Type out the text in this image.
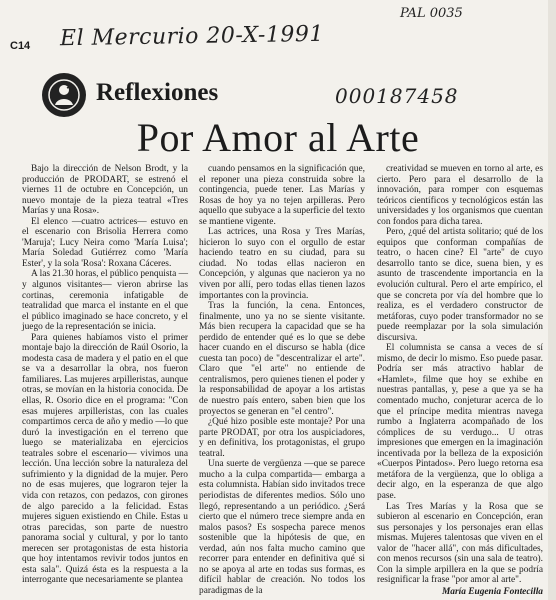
C14 El Mercurio 20-X-1991
PAL 0035
Reflexiones	000187458
Por Amor al Arte

Bajo la dirección de Nelson Brodt, y la producción de PRODART, se estrenó el viernes 11 de octubre en Concepción, un nuevo montaje de la pieza teatral «Tres Marías y una Rosa».

El elenco —cuatro actrices— estuvo en el escenario con Brisolia Herrera como 'Maruja'; Lucy Neira como 'María Luisa'; María Soledad Gutiérrez como 'María Ester', y la sola 'Rosa': Roxana Cáceres.

A las 21.30 horas, el público penquista —y algunos visitantes— vieron abrirse las cortinas, ceremonia infatigable de teatralidad que marca el instante en el que el público imaginado se hace concreto, y el juego de la representación se inicia.

Para quienes habíamos visto el primer montaje bajo la dirección de Raúl Osorio, la modesta casa de madera y el patio en el que se va a desarrollar la obra, nos fueron familiares. Las mujeres arpilleristas, aunque otras, se movían en la historia conocida. De ellas, R. Osorio dice en el programa: "Con esas mujeres arpilleristas, con las cuales compartimos cerca de año y medio —lo que duró la investigación en el terreno que luego se materializaba en ejercicios teatrales sobre el escenario— vivimos una lección. Una lección sobre la naturaleza del sufrimiento y la dignidad de la mujer. Pero no de esas mujeres, que lograron tejer la vida con retazos, con pedazos, con girones de algo parecido a la felicidad. Estas mujeres siguen existiendo en Chile. Estas u otras parecidas, son parte de nuestro panorama social y cultural, y por lo tanto merecen ser protagonistas de esta historia que hoy intentamos revivir todos juntos en esta sala". Quizá ésta es la respuesta a la interrogante que necesariamente se plantea

cuando pensamos en la significación que, el reponer una pieza construida sobre la contingencia, puede tener. Las Marías y Rosas de hoy ya no tejen arpilleras. Pero aquello que subyace a la superficie del texto se mantiene vigente.

Las actrices, una Rosa y Tres Marías, hicieron lo suyo con el orgullo de estar haciendo teatro en su ciudad, para su ciudad. No todas ellas nacieron en Concepción, y algunas que nacieron ya no viven por allí, pero todas ellas tienen lazos importantes con la provincia.

Tras la función, la cena. Entonces, finalmente, uno ya no se siente visitante. Más bien recupera la capacidad que se ha perdido de entender qué es lo que se debe hacer cuando en el discurso se habla (dice cuesta tan poco) de "descentralizar el arte". Claro que "el arte" no entiende de centralismos, pero quienes tienen el poder y la responsabilidad de apoyar a los artistas de nuestro país entero, saben bien que los proyectos se generan en "el centro".

¿Qué hizo posible este montaje? Por una parte PRODAT, por otra los auspiciadores, y en definitiva, los protagonistas, el grupo teatral.

Una suerte de vergüenza —que se parece mucho a la culpa compartida— embarga a esta columnista. Habían sido invitados trece periodistas de diferentes medios. Sólo uno llegó, representando a un periódico. ¿Será cierto que el número trece siempre anda en malos pasos? Es sospecha parece menos sostenible que la hipótesis de que, en verdad, aún nos falta mucho camino que recorrer para entender en definitiva qué si no se apoya al arte en todas sus formas, es difícil hablar de creación. No todos los paradigmas de la

creatividad se mueven en torno al arte, es cierto. Pero para el desarrollo de la innovación, para romper con esquemas teóricos científicos y tecnológicos están las universidades y los organismos que cuentan con fondos para dicha tarea.

Pero, ¿qué del artista solitario; qué de los equipos que conforman compañías de teatro, o hacen cine? El "arte" de cuyo desarrollo tanto se dice, suena bien, y es asunto de trascendente importancia en la evolución cultural. Pero el arte empírico, el que se concreta por vía del hombre que lo realiza, es el verdadero constructor de metáforas, cuyo poder transformador no se puede reemplazar por la sola simulación discursiva.

El columnista se cansa a veces de sí mismo, de decir lo mismo. Eso puede pasar. Podría ser más atractivo hablar de «Hamlet», filme que hoy se exhibe en nuestras pantallas, y, pese a que ya se ha comentado mucho, conjeturar acerca de lo que el príncipe medita mientras navega rumbo a Inglaterra acompañado de los cómplices de su verdugo... U otras impresiones que emergen en la imaginación incentivada por la belleza de la exposición «Cuerpos Pintados». Pero luego retorna esa metáfora de la vergüenza, que lo obliga a decir algo, en la esperanza de que algo pase.

Las Tres Marías y la Rosa que se subieron al escenario en Concepción, eran sus personajes y los personajes eran ellas mismas. Mujeres talentosas que viven en el valor de "hacer allá", con más dificultades, con menos recursos (sin una sala de teatro). Con la simple arpillera en la que se podría resignificar la frase "por amor al arte".

María Eugenia Fontecilla
